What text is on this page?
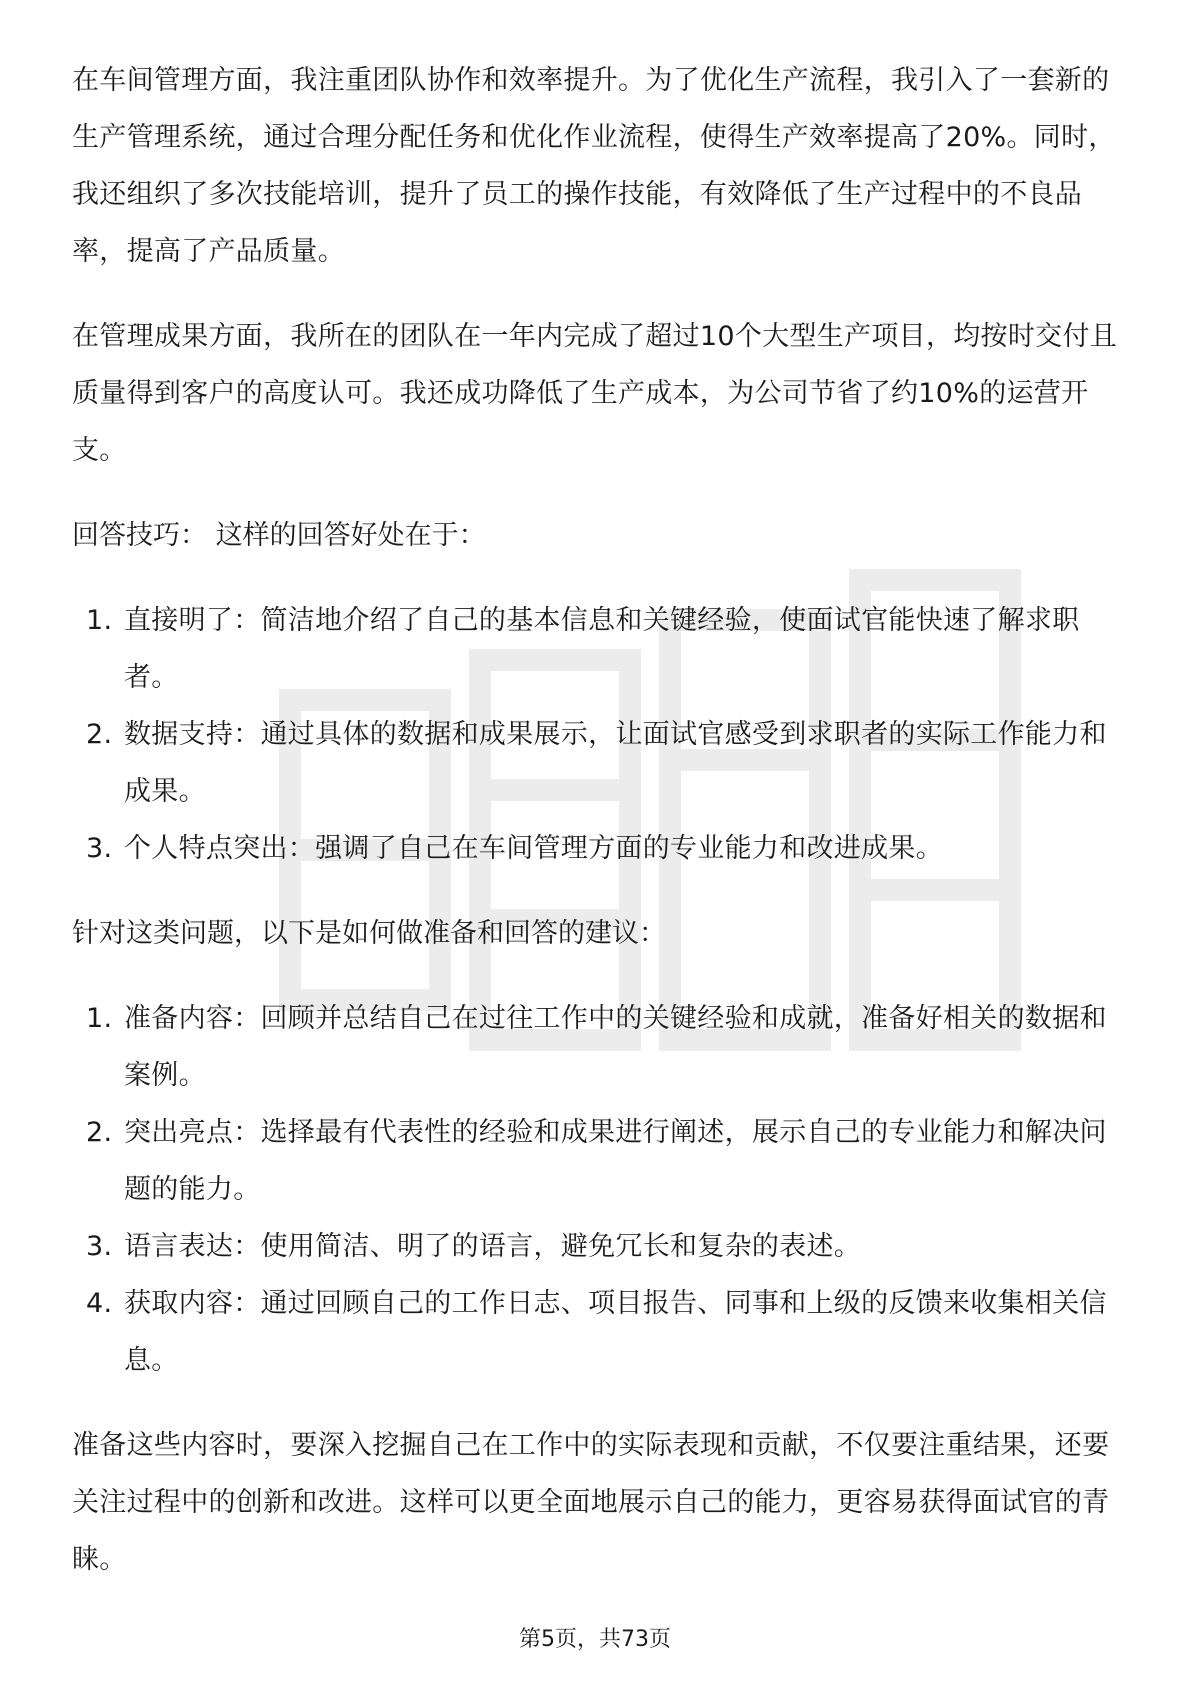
在车间管理方面，我注重团队协作和效率提升。为了优化生产流程，我引入了一套新的生产管理系统，通过合理分配任务和优化作业流程，使得生产效率提高了20%。同时，我还组织了多次技能培训，提升了员工的操作技能，有效降低了生产过程中的不良品率，提高了产品质量。

在管理成果方面，我所在的团队在一年内完成了超过10个大型生产项目，均按时交付且质量得到客户的高度认可。我还成功降低了生产成本，为公司节省了约10%的运营开支。

回答技巧： 这样的回答好处在于：

1. 直接明了：简洁地介绍了自己的基本信息和关键经验，使面试官能快速了解求职者。
2. 数据支持：通过具体的数据和成果展示，让面试官感受到求职者的实际工作能力和成果。
3. 个人特点突出：强调了自己在车间管理方面的专业能力和改进成果。

针对这类问题，以下是如何做准备和回答的建议：

1. 准备内容：回顾并总结自己在过往工作中的关键经验和成就，准备好相关的数据和案例。
2. 突出亮点：选择最有代表性的经验和成果进行阐述，展示自己的专业能力和解决问题的能力。
3. 语言表达：使用简洁、明了的语言，避免冗长和复杂的表述。
4. 获取内容：通过回顾自己的工作日志、项目报告、同事和上级的反馈来收集相关信息。

准备这些内容时，要深入挖掘自己在工作中的实际表现和贡献，不仅要注重结果，还要关注过程中的创新和改进。这样可以更全面地展示自己的能力，更容易获得面试官的青睐。

第5页，共73页
